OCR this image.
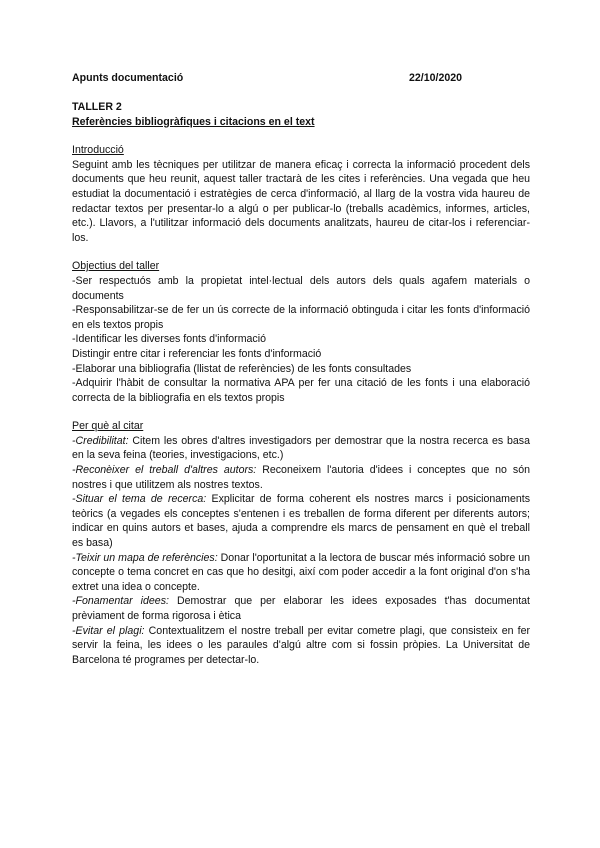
Apunts documentació	22/10/2020
TALLER 2
Referències bibliogràfiques i citacions en el text
Introducció

Seguint amb les tècniques per utilitzar de manera eficaç i correcta la informació procedent dels documents que heu reunit, aquest taller tractarà de les cites i referències. Una vegada que heu estudiat la documentació i estratègies de cerca d'informació, al llarg de la vostra vida haureu de redactar textos per presentar-lo a algú o per publicar-lo (treballs acadèmics, informes, articles, etc.). Llavors, a l'utilitzar informació dels documents analitzats, haureu de citar-los i referenciar-los.

Objectius del taller

-Ser respectuós amb la propietat intel·lectual dels autors dels quals agafem materials o documents

-Responsabilitzar-se de fer un ús correcte de la informació obtinguda i citar les fonts d'informació en els textos propis

-Identificar les diverses fonts d'informació

Distingir entre citar i referenciar les fonts d'informació

-Elaborar una bibliografia (llistat de referències) de les fonts consultades

-Adquirir l'hàbit de consultar la normativa APA per fer una citació de les fonts i una elaboració correcta de la bibliografia en els textos propis

Per què al citar

-Credibilitat: Citem les obres d'altres investigadors per demostrar que la nostra recerca es basa en la seva feina (teories, investigacions, etc.)

-Reconèixer el treball d'altres autors: Reconeixem l'autoria d'idees i conceptes que no són nostres i que utilitzem als nostres textos.

-Situar el tema de recerca: Explicitar de forma coherent els nostres marcs i posicionaments teòrics (a vegades els conceptes s'entenen i es treballen de forma diferent per diferents autors; indicar en quins autors et bases, ajuda a comprendre els marcs de pensament en què el treball es basa)

-Teixir un mapa de referències: Donar l'oportunitat a la lectora de buscar més informació sobre un concepte o tema concret en cas que ho desitgi, així com poder accedir a la font original d'on s'ha extret una idea o concepte.

-Fonamentar idees: Demostrar que per elaborar les idees exposades t'has documentat prèviament de forma rigorosa i ètica

-Evitar el plagi: Contextualitzem el nostre treball per evitar cometre plagi, que consisteix en fer servir la feina, les idees o les paraules d'algú altre com si fossin pròpies. La Universitat de Barcelona té programes per detectar-lo.
